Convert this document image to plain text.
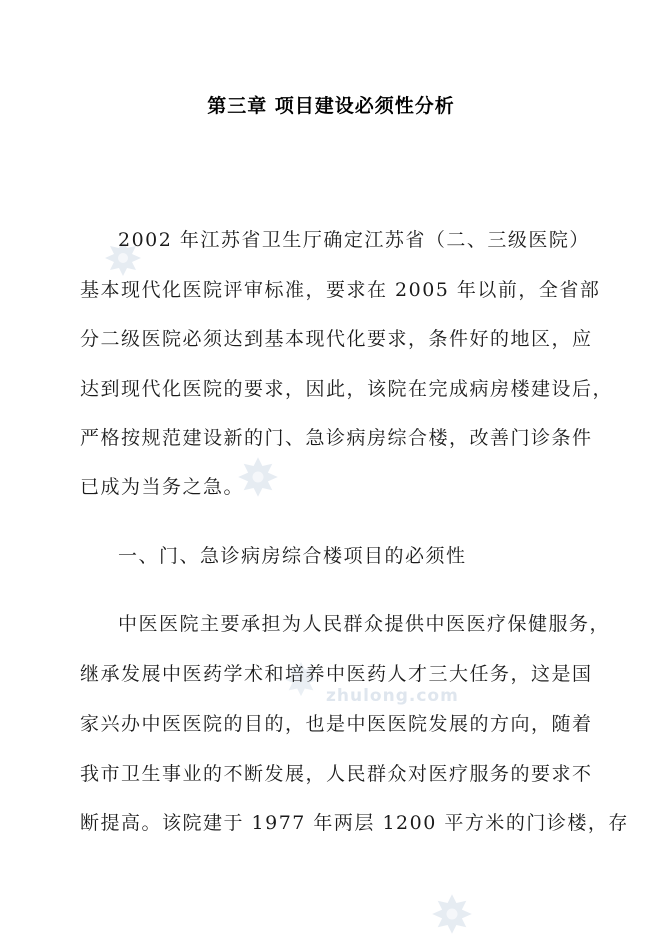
zhulong.com
第三章 项目建设必须性分析
2002 年江苏省卫生厅确定江苏省（二、三级医院）
基本现代化医院评审标准，要求在 2005 年以前，全省部
分二级医院必须达到基本现代化要求，条件好的地区，应
达到现代化医院的要求，因此，该院在完成病房楼建设后，
严格按规范建设新的门、急诊病房综合楼，改善门诊条件
已成为当务之急。
一、门、急诊病房综合楼项目的必须性
中医医院主要承担为人民群众提供中医医疗保健服务，
继承发展中医药学术和培养中医药人才三大任务，这是国
家兴办中医医院的目的，也是中医医院发展的方向，随着
我市卫生事业的不断发展，人民群众对医疗服务的要求不
断提高。该院建于 1977 年两层 1200 平方米的门诊楼，存
